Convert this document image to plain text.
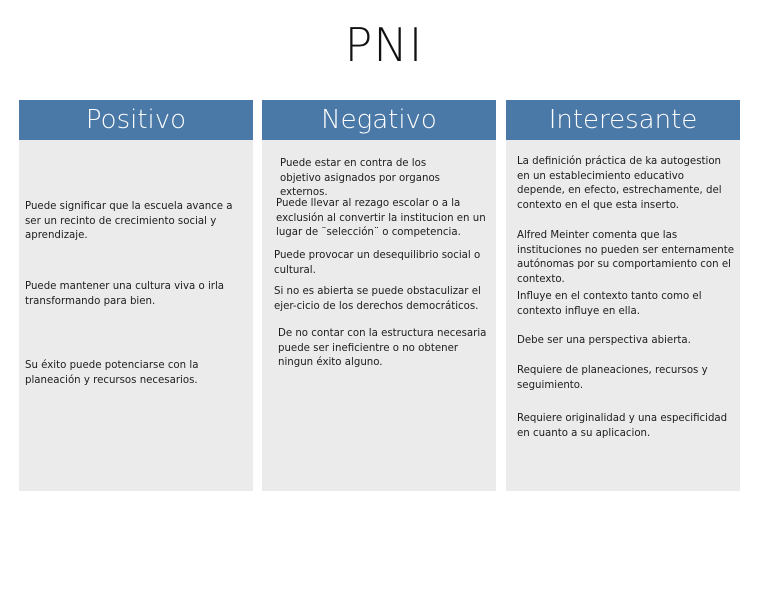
PNI
Positivo
Puede significar que la escuela avance a ser un recinto de crecimiento social y aprendizaje.
Puede mantener una cultura viva o irla transformando para bien.
Su éxito puede potenciarse con la planeación y recursos necesarios.
Negativo
Puede estar en contra de los objetivo asignados por organos externos.
Puede llevar al rezago escolar o a la exclusión al convertir la institucion en un lugar de ¨selección¨ o competencia.
Puede provocar un desequilibrio social o cultural.
Si no es abierta se puede obstaculizar el ejer-cicio de los derechos democráticos.
De no contar con la estructura necesaria puede ser ineficientre o no obtener ningun éxito alguno.
Interesante
La definición práctica de ka autogestion en un establecimiento educativo depende, en efecto, estrechamente, del contexto en el que esta inserto.
Alfred Meinter comenta que las instituciones no pueden ser enternamente autónomas por su comportamiento con el contexto.
Influye en el contexto tanto como el contexto influye en ella.
Debe ser una perspectiva abierta.
Requiere de planeaciones, recursos y seguimiento.
Requiere originalidad y una especificidad en cuanto a su aplicacion.
